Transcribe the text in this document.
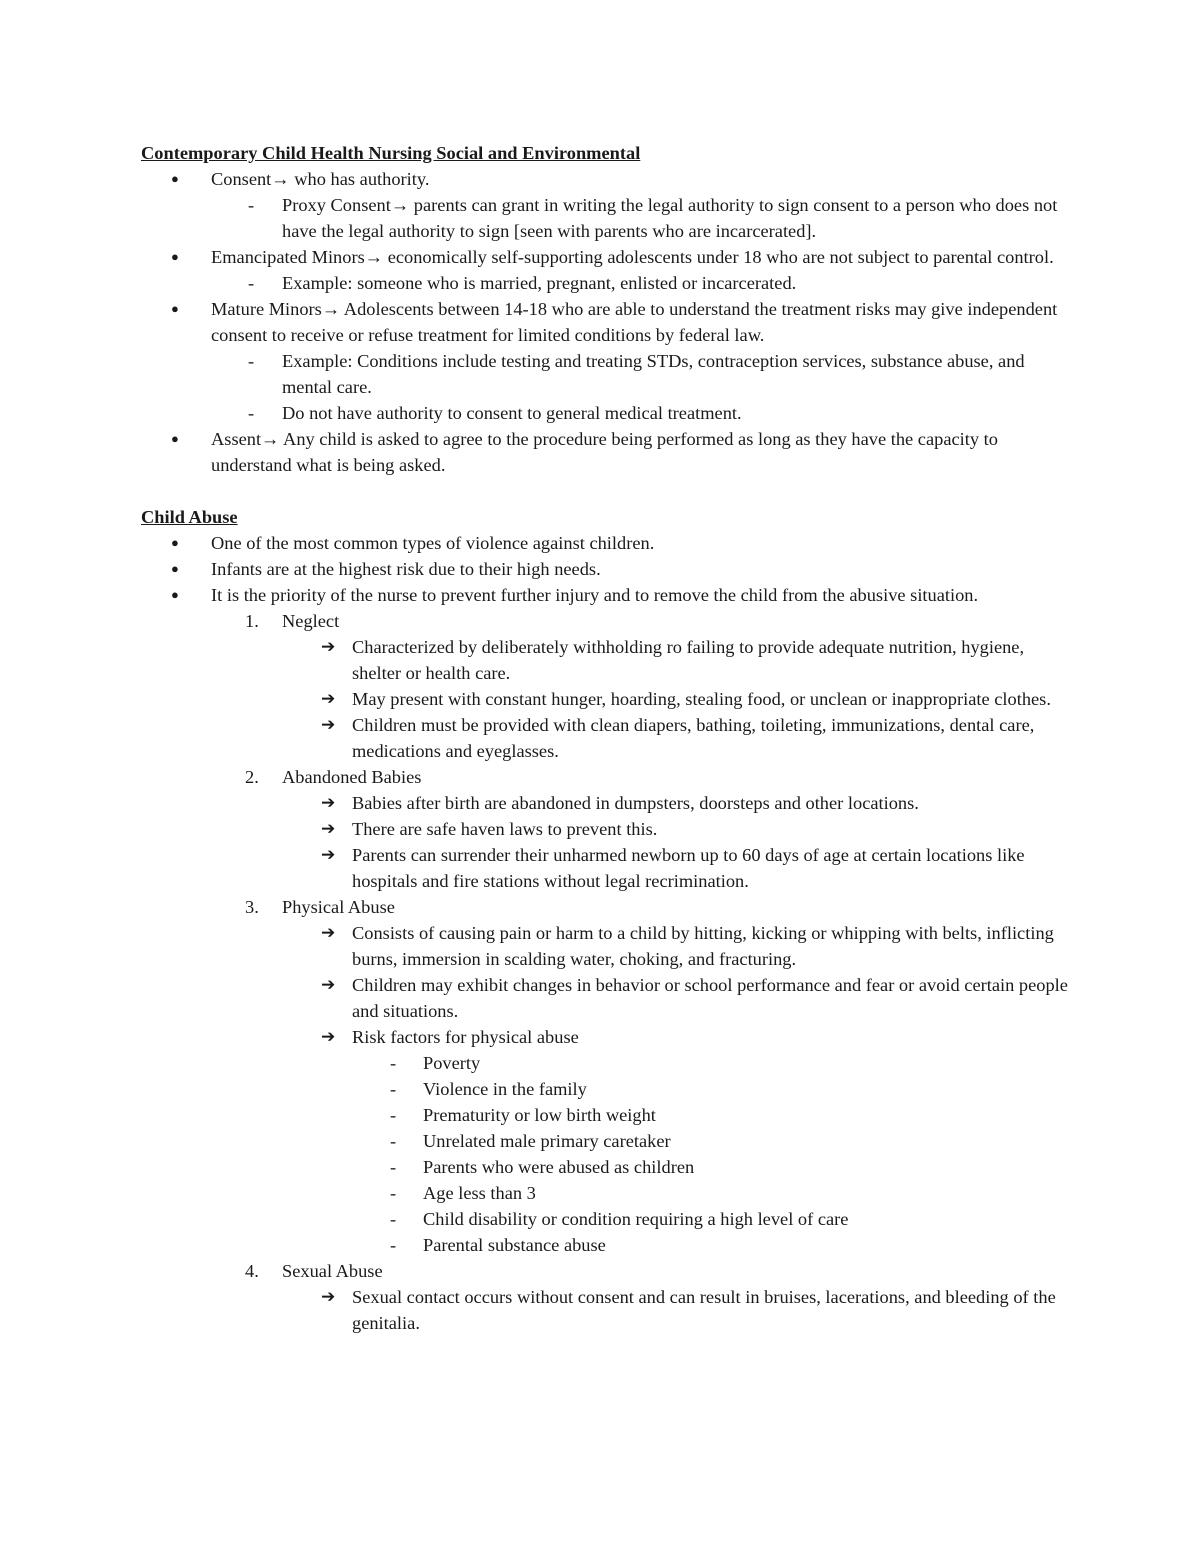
Contemporary Child Health Nursing Social and Environmental

● Consent→ who has authority.
- Proxy Consent→ parents can grant in writing the legal authority to sign consent to a person who does not have the legal authority to sign [seen with parents who are incarcerated].
● Emancipated Minors→ economically self-supporting adolescents under 18 who are not subject to parental control.
- Example: someone who is married, pregnant, enlisted or incarcerated.
● Mature Minors→ Adolescents between 14-18 who are able to understand the treatment risks may give independent consent to receive or refuse treatment for limited conditions by federal law.
- Example: Conditions include testing and treating STDs, contraception services, substance abuse, and mental care.
- Do not have authority to consent to general medical treatment.
● Assent→ Any child is asked to agree to the procedure being performed as long as they have the capacity to understand what is being asked.

Child Abuse

● One of the most common types of violence against children.
● Infants are at the highest risk due to their high needs.
● It is the priority of the nurse to prevent further injury and to remove the child from the abusive situation.
1. Neglect
➔ Characterized by deliberately withholding ro failing to provide adequate nutrition, hygiene, shelter or health care.
➔ May present with constant hunger, hoarding, stealing food, or unclean or inappropriate clothes.
➔ Children must be provided with clean diapers, bathing, toileting, immunizations, dental care, medications and eyeglasses.
2. Abandoned Babies
➔ Babies after birth are abandoned in dumpsters, doorsteps and other locations.
➔ There are safe haven laws to prevent this.
➔ Parents can surrender their unharmed newborn up to 60 days of age at certain locations like hospitals and fire stations without legal recrimination.
3. Physical Abuse
➔ Consists of causing pain or harm to a child by hitting, kicking or whipping with belts, inflicting burns, immersion in scalding water, choking, and fracturing.
➔ Children may exhibit changes in behavior or school performance and fear or avoid certain people and situations.
➔ Risk factors for physical abuse
- Poverty
- Violence in the family
- Prematurity or low birth weight
- Unrelated male primary caretaker
- Parents who were abused as children
- Age less than 3
- Child disability or condition requiring a high level of care
- Parental substance abuse
4. Sexual Abuse
➔ Sexual contact occurs without consent and can result in bruises, lacerations, and bleeding of the genitalia.
